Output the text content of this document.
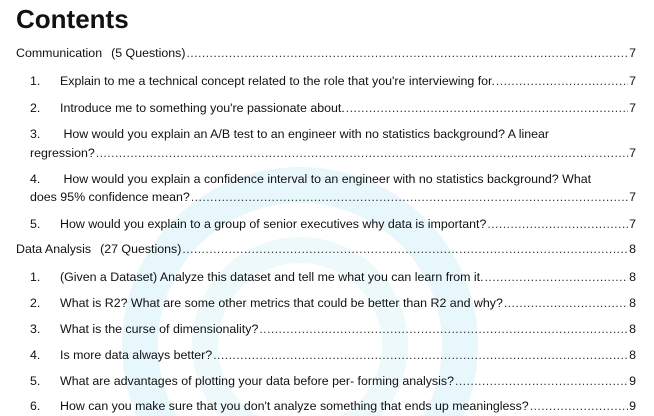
Contents
Communication (5 Questions) .....	7
1.	Explain to me a technical concept related to the role that you're interviewing for. .....	7
2.	Introduce me to something you're passionate about. .....	7
3. How would you explain an A/B test to an engineer with no statistics background? A linear
regression? .....	7
4. How would you explain a confidence interval to an engineer with no statistics background? What
does 95% confidence mean? .....	7
5.	How would you explain to a group of senior executives why data is important? .....	7
Data Analysis (27 Questions) .....	8
1.	(Given a Dataset) Analyze this dataset and tell me what you can learn from it. .....	8
2.	What is R2? What are some other metrics that could be better than R2 and why? .....	8
3.	What is the curse of dimensionality? .....	8
4.	Is more data always better? .....	8
5.	What are advantages of plotting your data before per- forming analysis? .....	9
6.	How can you make sure that you don't analyze something that ends up meaningless? .....	9
